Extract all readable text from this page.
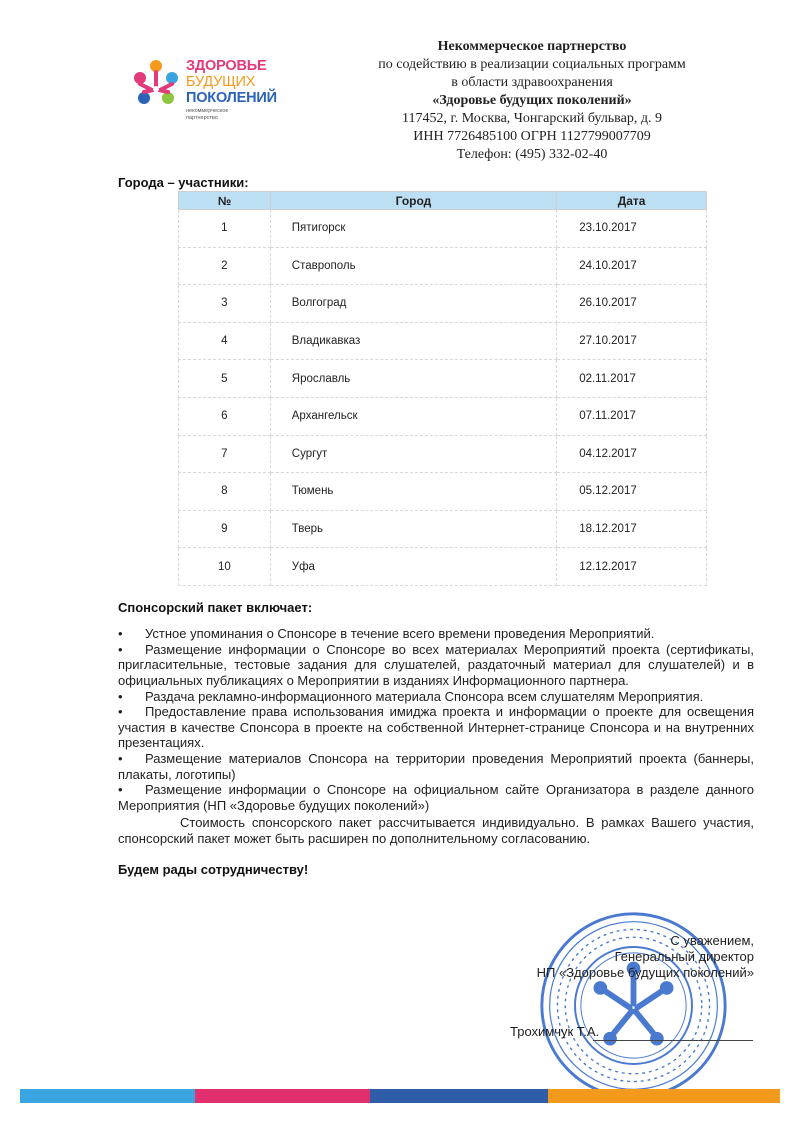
ЗДОРОВЬЕ
БУДУЩИХ
ПОКОЛЕНИЙ
некоммерческое партнерство
Некоммерческое партнерство
по содействию в реализации социальных программ
в области здравоохранения
«Здоровье будущих поколений»
117452, г. Москва, Чонгарский бульвар, д. 9
ИНН 7726485100 ОГРН 1127799007709
Телефон: (495) 332-02-40
Города – участники:
№	Город	Дата
1	Пятигорск	23.10.2017
2	Ставрополь	24.10.2017
3	Волгоград	26.10.2017
4	Владикавказ	27.10.2017
5	Ярославль	02.11.2017
6	Архангельск	07.11.2017
7	Сургут	04.12.2017
8	Тюмень	05.12.2017
9	Тверь	18.12.2017
10	Уфа	12.12.2017
Спонсорский пакет включает:
• Устное упоминания о Спонсоре в течение всего времени проведения Мероприятий.
• Размещение информации о Спонсоре во всех материалах Мероприятий проекта (сертификаты, пригласительные, тестовые задания для слушателей, раздаточный материал для слушателей) и в официальных публикациях о Мероприятии в изданиях Информационного партнера.
• Раздача рекламно-информационного материала Спонсора всем слушателям Мероприятия.
• Предоставление права использования имиджа проекта и информации о проекте для освещения участия в качестве Спонсора в проекте на собственной Интернет-странице Спонсора и на внутренних презентациях.
• Размещение материалов Спонсора на территории проведения Мероприятий проекта (баннеры, плакаты, логотипы)
• Размещение информации о Спонсоре на официальном сайте Организатора в разделе данного Мероприятия (НП «Здоровье будущих поколений»)
Стоимость спонсорского пакет рассчитывается индивидуально. В рамках Вашего участия, спонсорский пакет может быть расширен по дополнительному согласованию.
Будем рады сотрудничеству!
С уважением,
Генеральный директор
НП «Здоровье будущих поколений»
Трохимчук Т.А.
